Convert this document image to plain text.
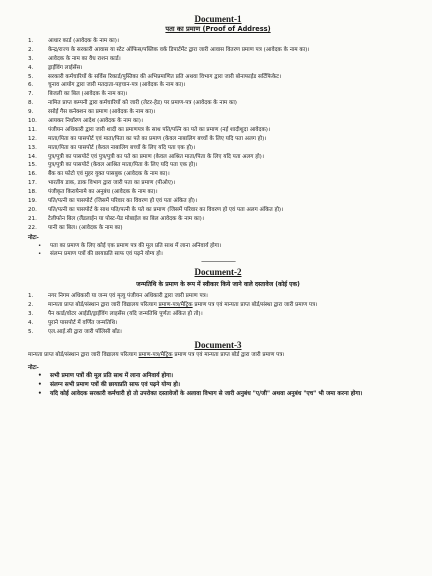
Document-1
पता का प्रमाण (Proof of Address)
1.	आधार कार्ड (आवेदक के नाम का)।
2.	केन्द्र/राज्य के सरकारी आवास या स्टेट ऑफिस/पब्लिक वर्क डिपार्टमेंट द्वारा जारी आवास वितरण प्रमाण पत्र (आवेदक के नाम का)।
3.	आवेदक के नाम का वैध राशन कार्ड।
4.	ड्राईविंग लाईसेंस।
5.	सरकारी कर्मचारियों के सर्विस रिकार्ड/पुस्तिका की अभिप्रमाणित प्रति अथवा विभाग द्वारा जारी बोनाफाईड सर्टिफिकेट।
6.	चुनाव आयोग द्वारा जारी मतदाता-पहचान-पत्र (आवेदक के नाम का)।
7.	बिजली का बिल (आवेदक के नाम का)।
8.	नामित प्राप्त कम्पनी द्वारा कर्मचारियों को जारी (लेटर-हेड) पर प्रमाण-पत्र (आवेदक के नाम का)
9.	रसोई गैस कनेक्शन का प्रमाण (आवेदक के नाम का)।
10.	आयकर निर्धारण आदेश (आवेदक के नाम का)।
11.	पंजीयन अधिकारी द्वारा जारी शादी का प्रमाणपत्र के साथ पति/पत्नि का पते का प्रमाण (नई शादीशुदा आवेदक)।
12.	माता/पिता का पासपोर्ट एवं माता/पिता का पते का प्रमाण (केवल नाबालिग बच्चों के लिए यदि पता अलग हो)।
13.	माता/पिता का पासपोर्ट (केवल नाबालिग बच्चों के लिए यदि पता एक हो)।
14.	पुत्र/पुत्री का पासपोर्ट एवं पुत्र/पुत्री का पते का प्रमाण (केवल आश्रित माता/पिता के लिए यदि पता अलग हो)।
15.	पुत्र/पुत्री का पासपोर्ट (केवल आश्रित माता/पिता के लिए यदि पता एक हो)।
16.	बैंक का फोटो एवं मुहर युक्त पासबुक (आवेदक के नाम का)।
17.	भारतीय डाक, डाक विभाग द्वारा जारी पता का प्रमाण (पीओए)।
18.	पंजीकृत किरायेनामे का अनुबंध (आवेदक के नाम का)।
19.	पति/पत्नी का पासपोर्ट (जिसमें परिवार का विवरण हो एवं पता अंकित हो)।
20.	पति/पत्नी का पासपोर्ट के साथ पति/पत्नी के पते का प्रमाण (जिसमें परिवार का विवरण हो एवं पता अलग अंकित हो)।
21.	टेलीफोन बिल (लैंडलाईन या पोस्ट-पेड मोबाईल का बिल आवेदक के नाम का)।
22.	पानी का बिल। (आवेदक के नाम का)
नोटः-
•	पता का प्रमाण के लिए कोई एक प्रमाण पत्र की मूल प्रति साथ में लाना अनिवार्य होगा।
•	संलग्न प्रमाण पत्रों की छायाप्रति साफ एवं पढ़ने योग्य हो।
-----------------------------
Document-2
जन्मतिथि के प्रमाण के रूप में स्वीकार किये जाने वाले दस्तावेज (कोई एक)
1.	नगर निगम अधिकारी या जन्म एवं मृत्यु पंजीयन अधिकारी द्वारा जारी प्रमाण पत्र।
2.	मान्यता प्राप्त बोर्ड/संस्थान द्वारा जारी विद्यालय परित्याग प्रमाण-पत्र/मैट्रिक प्रमाण पत्र एवं मान्यता प्राप्त बोर्ड/संस्था द्वारा जारी प्रमाण पत्र।
3.	पैन कार्ड/वोटर आईडी/ड्राईविंग लाइसेंस (यदि जन्मतिथि पूर्णतः अंकित हो तो)।
4.	पुराने पासपोर्ट में वर्णित जन्मतिथि।
5.	एल.आई.सी द्वारा जारी पॉलिसी बॉंड।
Document-3
मान्यता प्राप्त बोर्ड/संस्थान द्वारा जारी विद्यालय परित्याग प्रमाण-पत्र/मैट्रिक प्रमाण पत्र एवं मान्यता प्राप्त बोर्ड द्वारा जारी प्रमाण पत्र।
नोटः-
•	सभी प्रमाण पत्रों की मूल प्रति साथ में लाना अनिवार्य होगा।
•	संलग्न सभी प्रमाण पत्रों की छायाप्रति साफ एवं पढ़ने योग्य हो।
•	यदि कोई आवेदक सरकारी कर्मचारी हो तो उपरोक्त दस्तावेजों के अलावा विभाग से जारी अनुबंध "ए/जी" अथवा अनुबंध "एच" भी जमा करना होगा।
